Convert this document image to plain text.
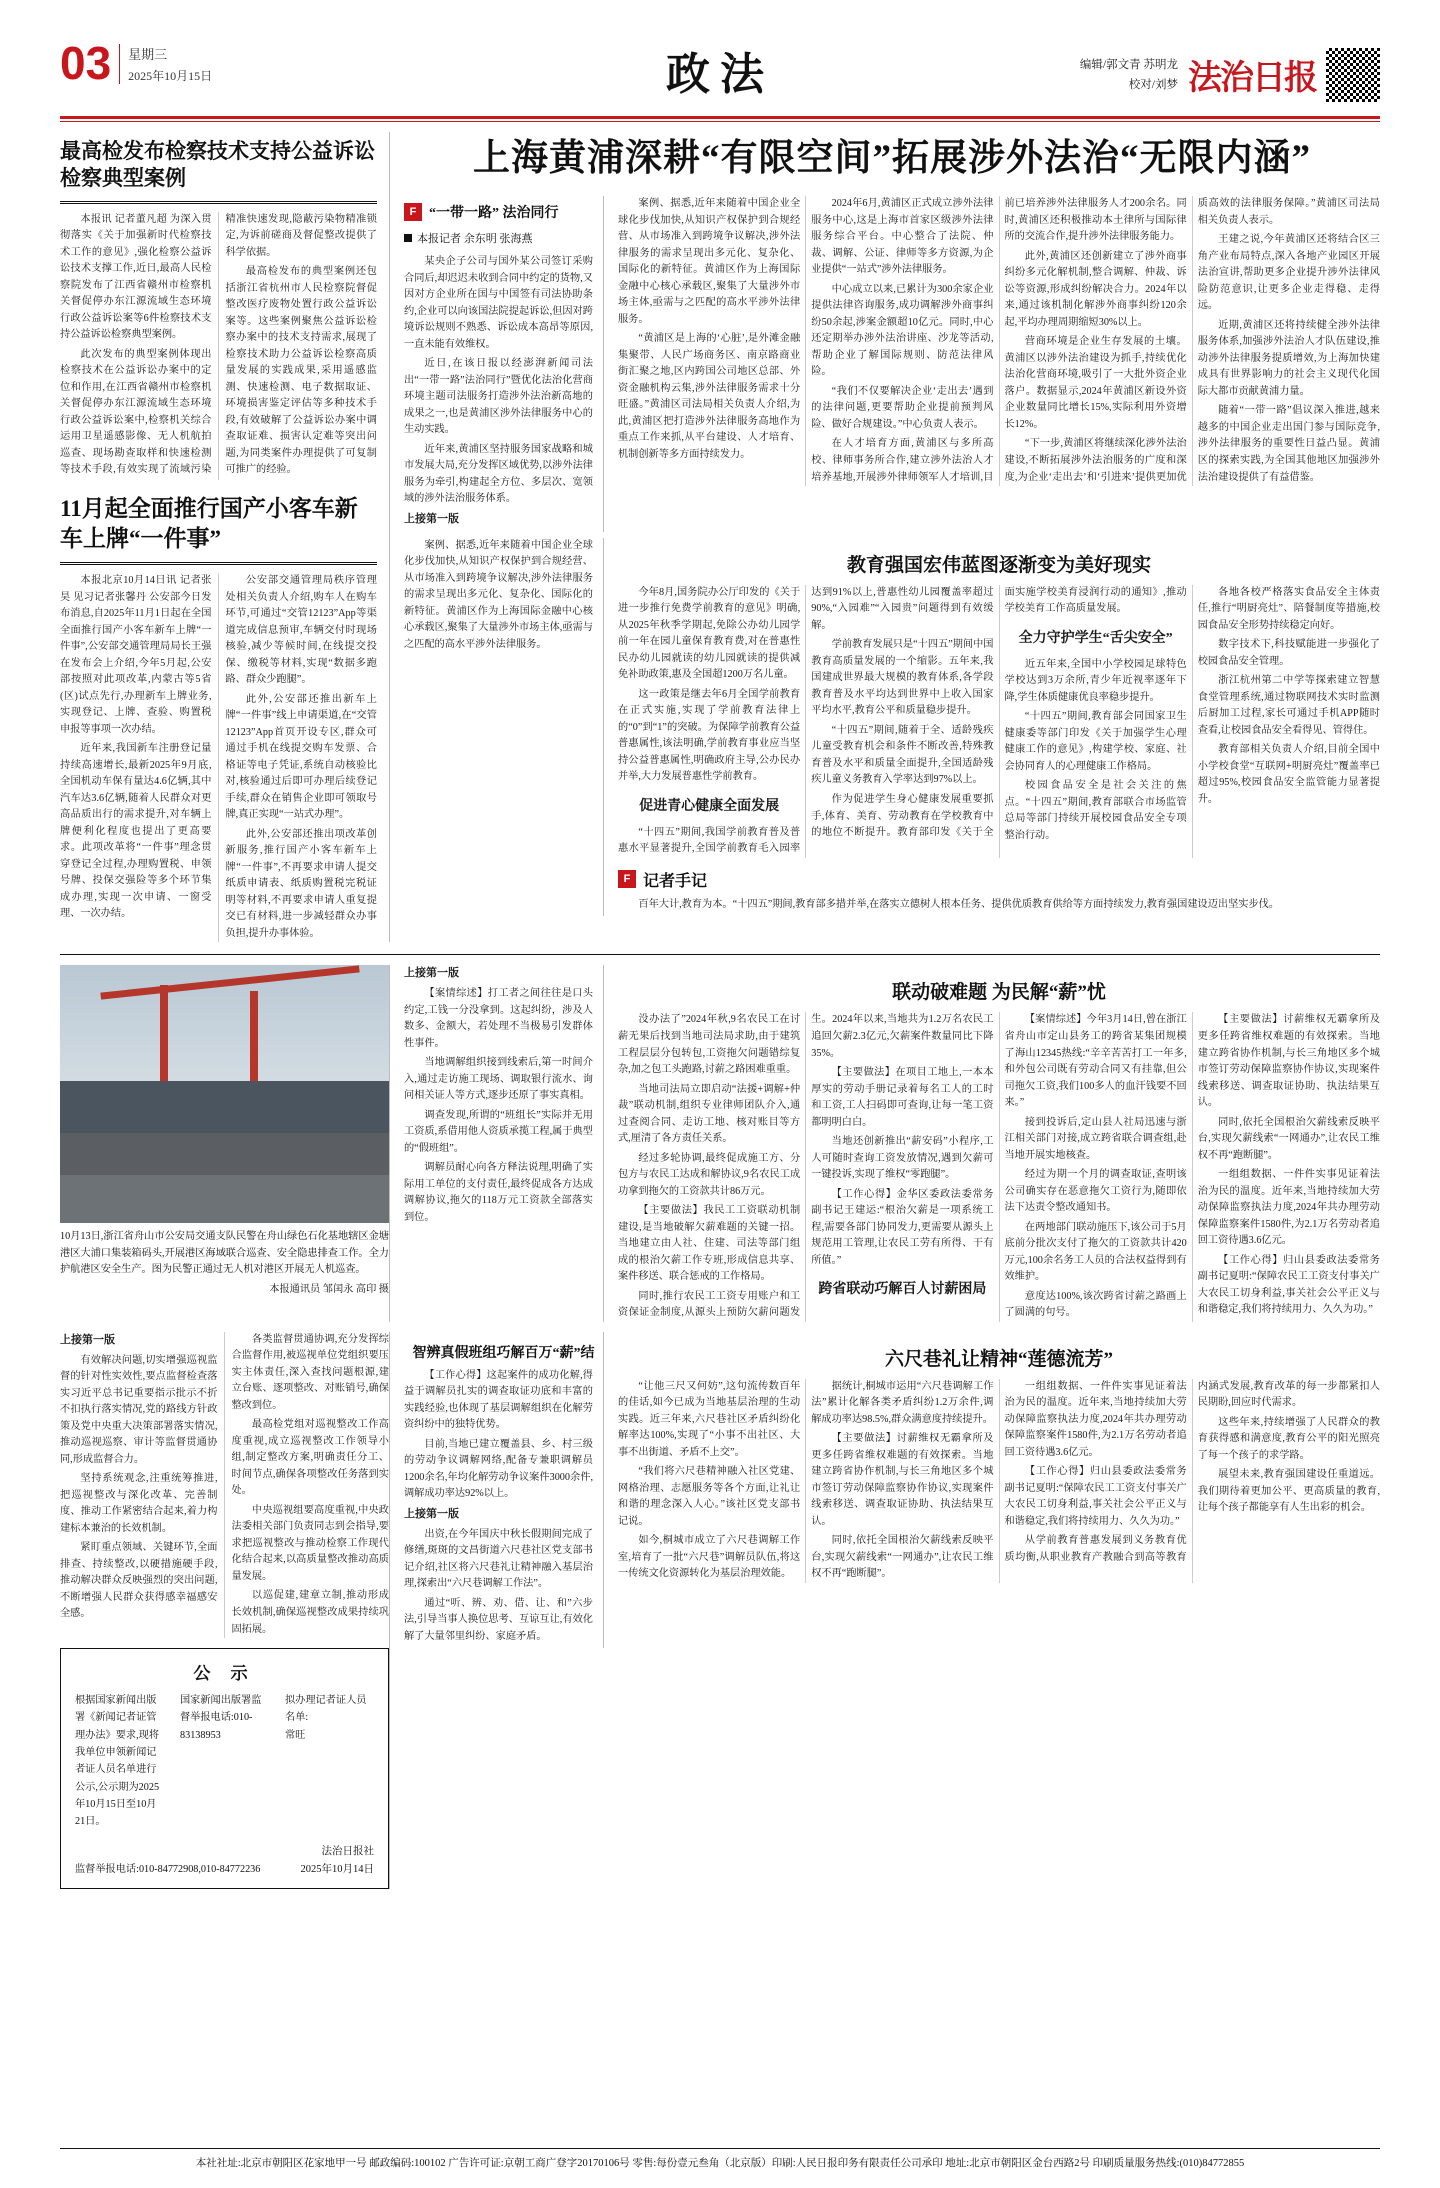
03 星期三
2025年10月15日	政法	编辑/郭文青 苏明龙
校对/刘梦 法治日报
最高检发布检察技术支持公益诉讼检察典型案例

本报讯 记者董凡超 为深入贯彻落实《关于加强新时代检察技术工作的意见》,强化检察公益诉讼技术支撑工作,近日,最高人民检察院发布了江西省赣州市检察机关督促停办东江源流域生态环境行政公益诉讼案等6件检察技术支持公益诉讼检察典型案例。

此次发布的典型案例体现出检察技术在公益诉讼办案中的定位和作用,在江西省赣州市检察机关督促停办东江源流域生态环境行政公益诉讼案中,检察机关综合运用卫星遥感影像、无人机航拍巡查、现场勘查取样和快速检测等技术手段,有效实现了流域污染精准快速发现,隐蔽污染物精准锁定,为诉前磋商及督促整改提供了科学依据。

最高检发布的典型案例还包括浙江省杭州市人民检察院督促整改医疗废物处置行政公益诉讼案等。这些案例聚焦公益诉讼检察办案中的技术支持需求,展现了检察技术助力公益诉讼检察高质量发展的实践成果,采用遥感监测、快速检测、电子数据取证、环境损害鉴定评估等多种技术手段,有效破解了公益诉讼办案中调查取证难、损害认定难等突出问题,为同类案件办理提供了可复制可推广的经验。

11月起全面推行国产小客车新车上牌“一件事”

本报北京10月14日讯 记者张昊 见习记者张馨丹 公安部今日发布消息,自2025年11月1日起在全国全面推行国产小客车新车上牌“一件事”,公安部交通管理局局长王强在发布会上介绍,今年5月起,公安部按照对此项改革,内蒙古等5省(区)试点先行,办理新车上牌业务,实现登记、上牌、查验、购置税申报等事项一次办结。

近年来,我国新车注册登记量持续高速增长,最新2025年9月底,全国机动车保有量达4.6亿辆,其中汽车达3.6亿辆,随着人民群众对更高品质出行的需求提升,对车辆上牌便利化程度也提出了更高要求。此项改革将“一件事”理念贯穿登记全过程,办理购置税、申领号牌、投保交强险等多个环节集成办理,实现一次申请、一窗受理、一次办结。

公安部交通管理局秩序管理处相关负责人介绍,购车人在购车环节,可通过“交管12123”App等渠道完成信息预审,车辆交付时现场核验,减少等候时间,在线提交投保、缴税等材料,实现“数据多跑路、群众少跑腿”。

此外,公安部还推出新车上牌“一件事”线上申请渠道,在“交管12123”App首页开设专区,群众可通过手机在线提交购车发票、合格证等电子凭证,系统自动核验比对,核验通过后即可办理后续登记手续,群众在销售企业即可领取号牌,真正实现“一站式办理”。

此外,公安部还推出项改革创新服务,推行国产小客车新车上牌“一件事”,不再要求申请人提交纸质申请表、纸质购置税完税证明等材料,不再要求申请人重复提交已有材料,进一步减轻群众办事负担,提升办事体验。

上海黄浦深耕“有限空间”拓展涉外法治“无限内涵”
F “一带一路” 法治同行
本报记者 余东明 张海燕

某央企子公司与国外某公司签订采购合同后,却迟迟未收到合同中约定的货物,又因对方企业所在国与中国签有司法协助条约,企业可以向该国法院提起诉讼,但因对跨境诉讼规则不熟悉、诉讼成本高昂等原因,一直未能有效维权。

近日,在该日报以经澎湃新闻司法出“一带一路”法治同行”暨优化法治化营商环境主题司法服务打造涉外法治新高地的成果之一,也是黄浦区涉外法律服务中心的生动实践。

近年来,黄浦区坚持服务国家战略和城市发展大局,充分发挥区域优势,以涉外法律服务为牵引,构建起全方位、多层次、宽领域的涉外法治服务体系。

上接第一版

案例、据悉,近年来随着中国企业全球化步伐加快,从知识产权保护到合规经营、从市场准入到跨境争议解决,涉外法律服务的需求呈现出多元化、复杂化、国际化的新特征。黄浦区作为上海国际金融中心核心承载区,聚集了大量涉外市场主体,亟需与之匹配的高水平涉外法律服务。

“黄浦区是上海的‘心脏’,是外滩金融集聚带、人民广场商务区、南京路商业街汇聚之地,区内跨国公司地区总部、外资金融机构云集,涉外法律服务需求十分旺盛。”黄浦区司法局相关负责人介绍,为此,黄浦区把打造涉外法律服务高地作为重点工作来抓,从平台建设、人才培育、机制创新等多方面持续发力。

2024年6月,黄浦区正式成立涉外法律服务中心,这是上海市首家区级涉外法律服务综合平台。中心整合了法院、仲裁、调解、公证、律师等多方资源,为企业提供“一站式”涉外法律服务。

中心成立以来,已累计为300余家企业提供法律咨询服务,成功调解涉外商事纠纷50余起,涉案金额超10亿元。同时,中心还定期举办涉外法治讲座、沙龙等活动,帮助企业了解国际规则、防范法律风险。

“我们不仅要解决企业‘走出去’遇到的法律问题,更要帮助企业提前预判风险、做好合规建设。”中心负责人表示。

在人才培育方面,黄浦区与多所高校、律师事务所合作,建立涉外法治人才培养基地,开展涉外律师领军人才培训,目前已培养涉外法律服务人才200余名。同时,黄浦区还积极推动本土律所与国际律所的交流合作,提升涉外法律服务能力。

此外,黄浦区还创新建立了涉外商事纠纷多元化解机制,整合调解、仲裁、诉讼等资源,形成纠纷解决合力。2024年以来,通过该机制化解涉外商事纠纷120余起,平均办理周期缩短30%以上。

营商环境是企业生存发展的土壤。黄浦区以涉外法治建设为抓手,持续优化法治化营商环境,吸引了一大批外资企业落户。数据显示,2024年黄浦区新设外资企业数量同比增长15%,实际利用外资增长12%。

“下一步,黄浦区将继续深化涉外法治建设,不断拓展涉外法治服务的广度和深度,为企业‘走出去’和‘引进来’提供更加优质高效的法律服务保障。”黄浦区司法局相关负责人表示。

王建之说,今年黄浦区还将结合区三角产业布局特点,深入各地产业园区开展法治宣讲,帮助更多企业提升涉外法律风险防范意识,让更多企业走得稳、走得远。

近期,黄浦区还将持续健全涉外法律服务体系,加强涉外法治人才队伍建设,推动涉外法律服务提质增效,为上海加快建成具有世界影响力的社会主义现代化国际大都市贡献黄浦力量。

随着“一带一路”倡议深入推进,越来越多的中国企业走出国门参与国际竞争,涉外法律服务的重要性日益凸显。黄浦区的探索实践,为全国其他地区加强涉外法治建设提供了有益借鉴。

案例、据悉,近年来随着中国企业全球化步伐加快,从知识产权保护到合规经营、从市场准入到跨境争议解决,涉外法律服务的需求呈现出多元化、复杂化、国际化的新特征。黄浦区作为上海国际金融中心核心承载区,聚集了大量涉外市场主体,亟需与之匹配的高水平涉外法律服务。

教育强国宏伟蓝图逐渐变为美好现实

今年8月,国务院办公厅印发的《关于进一步推行免费学前教育的意见》明确,从2025年秋季学期起,免除公办幼儿园学前一年在园儿童保育教育费,对在普惠性民办幼儿园就读的幼儿园就读的提供减免补助政策,惠及全国超1200万名儿童。

这一政策是继去年6月全国学前教育在正式实施,实现了学前教育法律上的“0”到“1”的突破。为保障学前教育公益普惠属性,该法明确,学前教育事业应当坚持公益普惠属性,明确政府主导,公办民办并举,大力发展普惠性学前教育。

促进青心健康全面发展

“十四五”期间,我国学前教育普及普惠水平显著提升,全国学前教育毛入园率达到91%以上,普惠性幼儿园覆盖率超过90%,“入园难”“入园贵”问题得到有效缓解。

学前教育发展只是“十四五”期间中国教育高质量发展的一个缩影。五年来,我国建成世界最大规模的教育体系,各学段教育普及水平均达到世界中上收入国家平均水平,教育公平和质量稳步提升。

“十四五”期间,随着于全、适龄残疾儿童受教育机会和条件不断改善,特殊教育普及水平和质量全面提升,全国适龄残疾儿童义务教育入学率达到97%以上。

作为促进学生身心健康发展重要抓手,体育、美育、劳动教育在学校教育中的地位不断提升。教育部印发《关于全面实施学校美育浸润行动的通知》,推动学校美育工作高质量发展。

全力守护学生“舌尖安全”

近五年来,全国中小学校园足球特色学校达到3万余所,青少年近视率逐年下降,学生体质健康优良率稳步提升。

“十四五”期间,教育部会同国家卫生健康委等部门印发《关于加强学生心理健康工作的意见》,构建学校、家庭、社会协同育人的心理健康工作格局。

校园食品安全是社会关注的焦点。“十四五”期间,教育部联合市场监管总局等部门持续开展校园食品安全专项整治行动。

各地各校严格落实食品安全主体责任,推行“明厨亮灶”、陪餐制度等措施,校园食品安全形势持续稳定向好。

数字技术下,科技赋能进一步强化了校园食品安全管理。

浙江杭州第二中学等探索建立智慧食堂管理系统,通过物联网技术实时监测后厨加工过程,家长可通过手机APP随时查看,让校园食品安全看得见、管得住。

教育部相关负责人介绍,目前全国中小学校食堂“互联网+明厨亮灶”覆盖率已超过95%,校园食品安全监管能力显著提升。

F 记者手记

百年大计,教育为本。“十四五”期间,教育部多措并举,在落实立德树人根本任务、提供优质教育供给等方面持续发力,教育强国建设迈出坚实步伐。

10月13日,浙江省舟山市公安局交通支队民警在舟山绿色石化基地辖区金塘港区大浦口集装箱码头,开展港区海域联合巡查、安全隐患排查工作。全力护航港区安全生产。图为民警正通过无人机对港区开展无人机巡查。
本报通讯员 邹闰永 高印 摄

上接第一版

【案情综述】打工者之间往往是口头约定,工钱一分没拿到。这起纠纷，涉及人数多、金额大，若处理不当极易引发群体性事件。

当地调解组织接到线索后,第一时间介入,通过走访施工现场、调取银行流水、询问相关证人等方式,逐步还原了事实真相。

调查发现,所谓的“班组长”实际并无用工资质,系借用他人资质承揽工程,属于典型的“假班组”。

调解员耐心向各方释法说理,明确了实际用工单位的支付责任,最终促成各方达成调解协议,拖欠的118万元工资款全部落实到位。

联动破难题 为民解“薪”忧

没办法了”2024年秋,9名农民工在讨薪无果后找到当地司法局求助,由于建筑工程层层分包转包,工资拖欠问题错综复杂,加之包工头跑路,讨薪之路困难重重。

当地司法局立即启动“法援+调解+仲裁”联动机制,组织专业律师团队介入,通过查阅合同、走访工地、核对账目等方式,厘清了各方责任关系。

经过多轮协调,最终促成施工方、分包方与农民工达成和解协议,9名农民工成功拿到拖欠的工资款共计86万元。

【主要做法】我民工工资联动机制建设,是当地破解欠薪难题的关键一招。当地建立由人社、住建、司法等部门组成的根治欠薪工作专班,形成信息共享、案件移送、联合惩戒的工作格局。

同时,推行农民工工资专用账户和工资保证金制度,从源头上预防欠薪问题发生。2024年以来,当地共为1.2万名农民工追回欠薪2.3亿元,欠薪案件数量同比下降35%。

【主要做法】在项目工地上,一本本厚实的劳动手册记录着每名工人的工时和工资,工人扫码即可查询,让每一笔工资都明明白白。

当地还创新推出“薪安码”小程序,工人可随时查询工资发放情况,遇到欠薪可一键投诉,实现了维权“零跑腿”。

【工作心得】金华区委政法委常务副书记王建运:“根治欠薪是一项系统工程,需要各部门协同发力,更需要从源头上规范用工管理,让农民工劳有所得、干有所值。”

跨省联动巧解百人讨薪困局

【案情综述】今年3月14日,曾在浙江省舟山市定山县务工的跨省某集团规模了海山12345热线:“辛辛苦苦打工一年多,和外包公司既有劳动合同又有挂靠,但公司拖欠工资,我们100多人的血汗钱要不回来。”

接到投诉后,定山县人社局迅速与浙江相关部门对接,成立跨省联合调查组,赴当地开展实地核查。

经过为期一个月的调查取证,查明该公司确实存在恶意拖欠工资行为,随即依法下达责令整改通知书。

在两地部门联动施压下,该公司于5月底前分批次支付了拖欠的工资款共计420万元,100余名务工人员的合法权益得到有效维护。

意度达100%,该次跨省讨薪之路画上了圆满的句号。

【主要做法】讨薪维权无霸拿所及更多任跨省维权难题的有效探索。当地建立跨省协作机制,与长三角地区多个城市签订劳动保障监察协作协议,实现案件线索移送、调查取证协助、执法结果互认。

同时,依托全国根治欠薪线索反映平台,实现欠薪线索“一网通办”,让农民工维权不再“跑断腿”。

一组组数据、一件件实事见证着法治为民的温度。近年来,当地持续加大劳动保障监察执法力度,2024年共办理劳动保障监察案件1580件,为2.1万名劳动者追回工资待遇3.6亿元。

【工作心得】归山县委政法委常务副书记夏明:“保障农民工工资支付事关广大农民工切身利益,事关社会公平正义与和谐稳定,我们将持续用力、久久为功。”

上接第一版

有效解决问题,切实增强巡视监督的针对性实效性,要点监督检查落实习近平总书记重要指示批示不折不扣执行落实情况,党的路线方针政策及党中央重大决策部署落实情况,推动巡视巡察、审计等监督贯通协同,形成监督合力。

坚持系统观念,注重统筹推进,把巡视整改与深化改革、完善制度、推动工作紧密结合起来,着力构建标本兼治的长效机制。

紧盯重点领域、关键环节,全面排查、持续整改,以硬措施硬手段,推动解决群众反映强烈的突出问题,不断增强人民群众获得感幸福感安全感。

各类监督贯通协调,充分发挥综合监督作用,被巡视单位党组织要压实主体责任,深入查找问题根源,建立台账、逐项整改、对账销号,确保整改到位。

最高检党组对巡视整改工作高度重视,成立巡视整改工作领导小组,制定整改方案,明确责任分工、时间节点,确保各项整改任务落到实处。

中央巡视组要高度重视,中央政法委相关部门负责同志到会指导,要求把巡视整改与推动检察工作现代化结合起来,以高质量整改推动高质量发展。

以巡促建,建章立制,推动形成长效机制,确保巡视整改成果持续巩固拓展。

公 示
根据国家新闻出版署《新闻记者证管理办法》要求,现将我单位申领新闻记者证人员名单进行公示,公示期为2025年10月15日至10月21日。
国家新闻出版署监督举报电话:010-83138953
拟办理记者证人员名单:
常旺
监督举报电话:010-84772908,010-84772236
法治日报社
2025年10月14日
智辨真假班组巧解百万“薪”结

【工作心得】这起案件的成功化解,得益于调解员扎实的调查取证功底和丰富的实践经验,也体现了基层调解组织在化解劳资纠纷中的独特优势。

目前,当地已建立覆盖县、乡、村三级的劳动争议调解网络,配备专兼职调解员1200余名,年均化解劳动争议案件3000余件,调解成功率达92%以上。

上接第一版

出资,在今年国庆中秋长假期间完成了修缮,斑斑的文昌街道六尺巷社区党支部书记介绍,社区将六尺巷礼让精神融入基层治理,探索出“六尺巷调解工作法”。

通过“听、辨、劝、借、让、和”六步法,引导当事人换位思考、互谅互让,有效化解了大量邻里纠纷、家庭矛盾。

六尺巷礼让精神“莲德流芳”

“让他三尺又何妨”,这句流传数百年的佳话,如今已成为当地基层治理的生动实践。近三年来,六尺巷社区矛盾纠纷化解率达100%,实现了“小事不出社区、大事不出街道、矛盾不上交”。

“我们将六尺巷精神融入社区党建、网格治理、志愿服务等各个方面,让礼让和谐的理念深入人心。”该社区党支部书记说。

如今,桐城市成立了六尺巷调解工作室,培育了一批“六尺巷”调解员队伍,将这一传统文化资源转化为基层治理效能。

据统计,桐城市运用“六尺巷调解工作法”累计化解各类矛盾纠纷1.2万余件,调解成功率达98.5%,群众满意度持续提升。

【主要做法】讨薪维权无霸拿所及更多任跨省维权难题的有效探索。当地建立跨省协作机制,与长三角地区多个城市签订劳动保障监察协作协议,实现案件线索移送、调查取证协助、执法结果互认。

同时,依托全国根治欠薪线索反映平台,实现欠薪线索“一网通办”,让农民工维权不再“跑断腿”。

一组组数据、一件件实事见证着法治为民的温度。近年来,当地持续加大劳动保障监察执法力度,2024年共办理劳动保障监察案件1580件,为2.1万名劳动者追回工资待遇3.6亿元。

【工作心得】归山县委政法委常务副书记夏明:“保障农民工工资支付事关广大农民工切身利益,事关社会公平正义与和谐稳定,我们将持续用力、久久为功。”

从学前教育普惠发展到义务教育优质均衡,从职业教育产教融合到高等教育内涵式发展,教育改革的每一步都紧扣人民期盼,回应时代需求。

这些年来,持续增强了人民群众的教育获得感和满意度,教育公平的阳光照亮了每一个孩子的求学路。

展望未来,教育强国建设任重道远。我们期待着更加公平、更高质量的教育,让每个孩子都能享有人生出彩的机会。

本社社址:北京市朝阳区花家地甲一号 邮政编码:100102 广告许可证:京朝工商广登字20170106号 零售:每份壹元叁角（北京版）印刷:人民日报印务有限责任公司承印 地址:北京市朝阳区金台西路2号 印刷质量服务热线:(010)84772855
